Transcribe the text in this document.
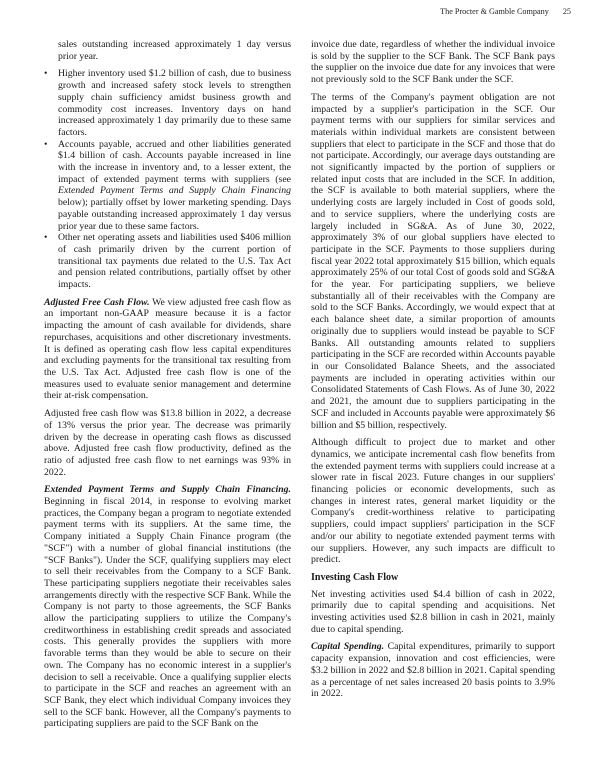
The Procter & Gamble Company 25

sales outstanding increased approximately 1 day versus prior year.

• Higher inventory used $1.2 billion of cash, due to business growth and increased safety stock levels to strengthen supply chain sufficiency amidst business growth and commodity cost increases. Inventory days on hand increased approximately 1 day primarily due to these same factors.
• Accounts payable, accrued and other liabilities generated $1.4 billion of cash. Accounts payable increased in line with the increase in inventory and, to a lesser extent, the impact of extended payment terms with suppliers (see Extended Payment Terms and Supply Chain Financing below); partially offset by lower marketing spending. Days payable outstanding increased approximately 1 day versus prior year due to these same factors.
• Other net operating assets and liabilities used $406 million of cash primarily driven by the current portion of transitional tax payments due related to the U.S. Tax Act and pension related contributions, partially offset by other impacts.

Adjusted Free Cash Flow. We view adjusted free cash flow as an important non-GAAP measure because it is a factor impacting the amount of cash available for dividends, share repurchases, acquisitions and other discretionary investments. It is defined as operating cash flow less capital expenditures and excluding payments for the transitional tax resulting from the U.S. Tax Act. Adjusted free cash flow is one of the measures used to evaluate senior management and determine their at-risk compensation.

Adjusted free cash flow was $13.8 billion in 2022, a decrease of 13% versus the prior year. The decrease was primarily driven by the decrease in operating cash flows as discussed above. Adjusted free cash flow productivity, defined as the ratio of adjusted free cash flow to net earnings was 93% in 2022.

Extended Payment Terms and Supply Chain Financing. Beginning in fiscal 2014, in response to evolving market practices, the Company began a program to negotiate extended payment terms with its suppliers. At the same time, the Company initiated a Supply Chain Finance program (the "SCF") with a number of global financial institutions (the "SCF Banks"). Under the SCF, qualifying suppliers may elect to sell their receivables from the Company to a SCF Bank. These participating suppliers negotiate their receivables sales arrangements directly with the respective SCF Bank. While the Company is not party to those agreements, the SCF Banks allow the participating suppliers to utilize the Company's creditworthiness in establishing credit spreads and associated costs. This generally provides the suppliers with more favorable terms than they would be able to secure on their own. The Company has no economic interest in a supplier's decision to sell a receivable. Once a qualifying supplier elects to participate in the SCF and reaches an agreement with an SCF Bank, they elect which individual Company invoices they sell to the SCF bank. However, all the Company's payments to participating suppliers are paid to the SCF Bank on the

invoice due date, regardless of whether the individual invoice is sold by the supplier to the SCF Bank. The SCF Bank pays the supplier on the invoice due date for any invoices that were not previously sold to the SCF Bank under the SCF.

The terms of the Company's payment obligation are not impacted by a supplier's participation in the SCF. Our payment terms with our suppliers for similar services and materials within individual markets are consistent between suppliers that elect to participate in the SCF and those that do not participate. Accordingly, our average days outstanding are not significantly impacted by the portion of suppliers or related input costs that are included in the SCF. In addition, the SCF is available to both material suppliers, where the underlying costs are largely included in Cost of goods sold, and to service suppliers, where the underlying costs are largely included in SG&A. As of June 30, 2022, approximately 3% of our global suppliers have elected to participate in the SCF. Payments to those suppliers during fiscal year 2022 total approximately $15 billion, which equals approximately 25% of our total Cost of goods sold and SG&A for the year. For participating suppliers, we believe substantially all of their receivables with the Company are sold to the SCF Banks. Accordingly, we would expect that at each balance sheet date, a similar proportion of amounts originally due to suppliers would instead be payable to SCF Banks. All outstanding amounts related to suppliers participating in the SCF are recorded within Accounts payable in our Consolidated Balance Sheets, and the associated payments are included in operating activities within our Consolidated Statements of Cash Flows. As of June 30, 2022 and 2021, the amount due to suppliers participating in the SCF and included in Accounts payable were approximately $6 billion and $5 billion, respectively.

Although difficult to project due to market and other dynamics, we anticipate incremental cash flow benefits from the extended payment terms with suppliers could increase at a slower rate in fiscal 2023. Future changes in our suppliers' financing policies or economic developments, such as changes in interest rates, general market liquidity or the Company's credit-worthiness relative to participating suppliers, could impact suppliers' participation in the SCF and/or our ability to negotiate extended payment terms with our suppliers. However, any such impacts are difficult to predict.

Investing Cash Flow

Net investing activities used $4.4 billion of cash in 2022, primarily due to capital spending and acquisitions. Net investing activities used $2.8 billion in cash in 2021, mainly due to capital spending.

Capital Spending. Capital expenditures, primarily to support capacity expansion, innovation and cost efficiencies, were $3.2 billion in 2022 and $2.8 billion in 2021. Capital spending as a percentage of net sales increased 20 basis points to 3.9% in 2022.
